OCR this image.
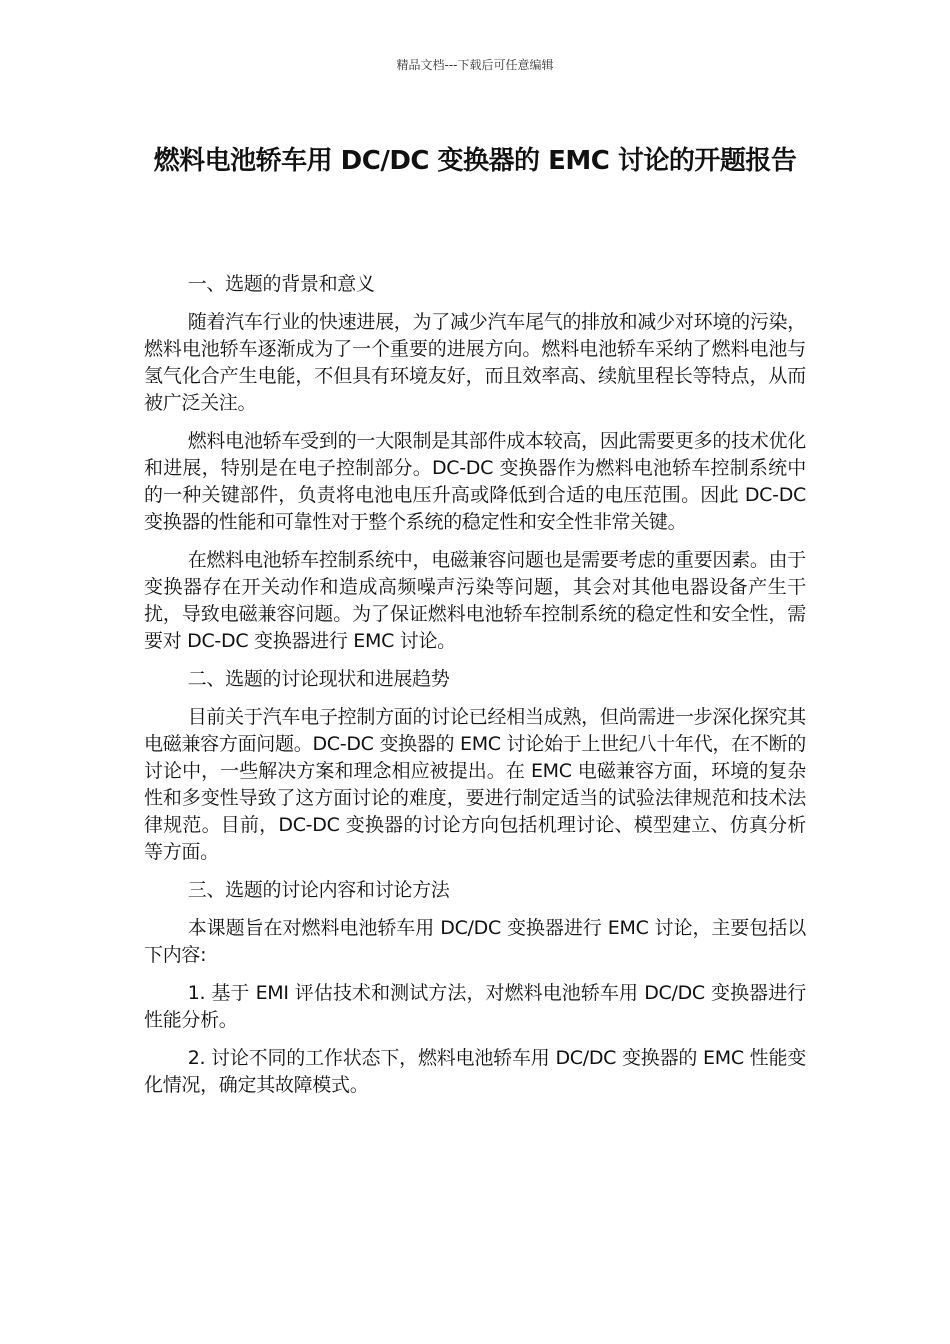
精品文档---下载后可任意编辑
燃料电池轿车用 DC/DC 变换器的 EMC 讨论的开题报告

一、选题的背景和意义

随着汽车行业的快速进展，为了减少汽车尾气的排放和减少对环境的污染，燃料电池轿车逐渐成为了一个重要的进展方向。燃料电池轿车采纳了燃料电池与氢气化合产生电能，不但具有环境友好，而且效率高、续航里程长等特点，从而被广泛关注。

燃料电池轿车受到的一大限制是其部件成本较高，因此需要更多的技术优化和进展，特别是在电子控制部分。DC-DC 变换器作为燃料电池轿车控制系统中的一种关键部件，负责将电池电压升高或降低到合适的电压范围。因此 DC-DC 变换器的性能和可靠性对于整个系统的稳定性和安全性非常关键。

在燃料电池轿车控制系统中，电磁兼容问题也是需要考虑的重要因素。由于变换器存在开关动作和造成高频噪声污染等问题，其会对其他电器设备产生干扰，导致电磁兼容问题。为了保证燃料电池轿车控制系统的稳定性和安全性，需要对 DC-DC 变换器进行 EMC 讨论。

二、选题的讨论现状和进展趋势

目前关于汽车电子控制方面的讨论已经相当成熟，但尚需进一步深化探究其电磁兼容方面问题。DC-DC 变换器的 EMC 讨论始于上世纪八十年代，在不断的讨论中，一些解决方案和理念相应被提出。在 EMC 电磁兼容方面，环境的复杂性和多变性导致了这方面讨论的难度，要进行制定适当的试验法律规范和技术法律规范。目前，DC-DC 变换器的讨论方向包括机理讨论、模型建立、仿真分析等方面。

三、选题的讨论内容和讨论方法

本课题旨在对燃料电池轿车用 DC/DC 变换器进行 EMC 讨论，主要包括以下内容:

1. 基于 EMI 评估技术和测试方法，对燃料电池轿车用 DC/DC 变换器进行性能分析。

2. 讨论不同的工作状态下，燃料电池轿车用 DC/DC 变换器的 EMC 性能变化情况，确定其故障模式。
